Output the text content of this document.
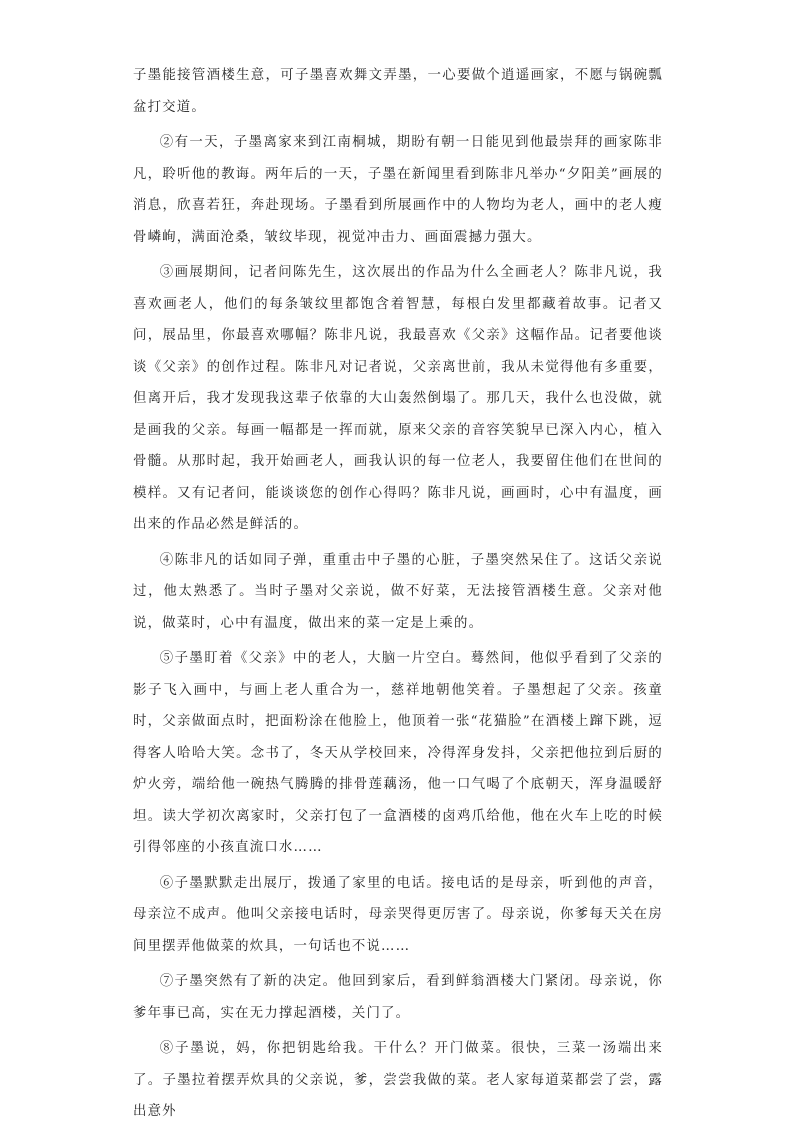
子墨能接管酒楼生意，可子墨喜欢舞文弄墨，一心要做个逍遥画家，不愿与锅碗瓢盆打交道。

②有一天，子墨离家来到江南桐城，期盼有朝一日能见到他最崇拜的画家陈非凡，聆听他的教诲。两年后的一天，子墨在新闻里看到陈非凡举办“夕阳美”画展的消息，欣喜若狂，奔赴现场。子墨看到所展画作中的人物均为老人，画中的老人瘦骨嶙峋，满面沧桑，皱纹毕现，视觉冲击力、画面震撼力强大。

③画展期间，记者问陈先生，这次展出的作品为什么全画老人？陈非凡说，我喜欢画老人，他们的每条皱纹里都饱含着智慧，每根白发里都藏着故事。记者又问，展品里，你最喜欢哪幅？陈非凡说，我最喜欢《父亲》这幅作品。记者要他谈谈《父亲》的创作过程。陈非凡对记者说，父亲离世前，我从未觉得他有多重要，但离开后，我才发现我这辈子依靠的大山轰然倒塌了。那几天，我什么也没做，就是画我的父亲。每画一幅都是一挥而就，原来父亲的音容笑貌早已深入内心，植入骨髓。从那时起，我开始画老人，画我认识的每一位老人，我要留住他们在世间的模样。又有记者问，能谈谈您的创作心得吗？陈非凡说，画画时，心中有温度，画出来的作品必然是鲜活的。

④陈非凡的话如同子弹，重重击中子墨的心脏，子墨突然呆住了。这话父亲说过，他太熟悉了。当时子墨对父亲说，做不好菜，无法接管酒楼生意。父亲对他说，做菜时，心中有温度，做出来的菜一定是上乘的。

⑤子墨盯着《父亲》中的老人，大脑一片空白。蓦然间，他似乎看到了父亲的影子飞入画中，与画上老人重合为一，慈祥地朝他笑着。子墨想起了父亲。孩童时，父亲做面点时，把面粉涂在他脸上，他顶着一张“花猫脸”在酒楼上蹿下跳，逗得客人哈哈大笑。念书了，冬天从学校回来，冷得浑身发抖，父亲把他拉到后厨的炉火旁，端给他一碗热气腾腾的排骨莲藕汤，他一口气喝了个底朝天，浑身温暖舒坦。读大学初次离家时，父亲打包了一盒酒楼的卤鸡爪给他，他在火车上吃的时候引得邻座的小孩直流口水……

⑥子墨默默走出展厅，拨通了家里的电话。接电话的是母亲，听到他的声音，母亲泣不成声。他叫父亲接电话时，母亲哭得更厉害了。母亲说，你爹每天关在房间里摆弄他做菜的炊具，一句话也不说……

⑦子墨突然有了新的决定。他回到家后，看到鲜翁酒楼大门紧闭。母亲说，你爹年事已高，实在无力撑起酒楼，关门了。

⑧子墨说，妈，你把钥匙给我。干什么？开门做菜。很快，三菜一汤端出来了。子墨拉着摆弄炊具的父亲说，爹，尝尝我做的菜。老人家每道菜都尝了尝，露出意外
